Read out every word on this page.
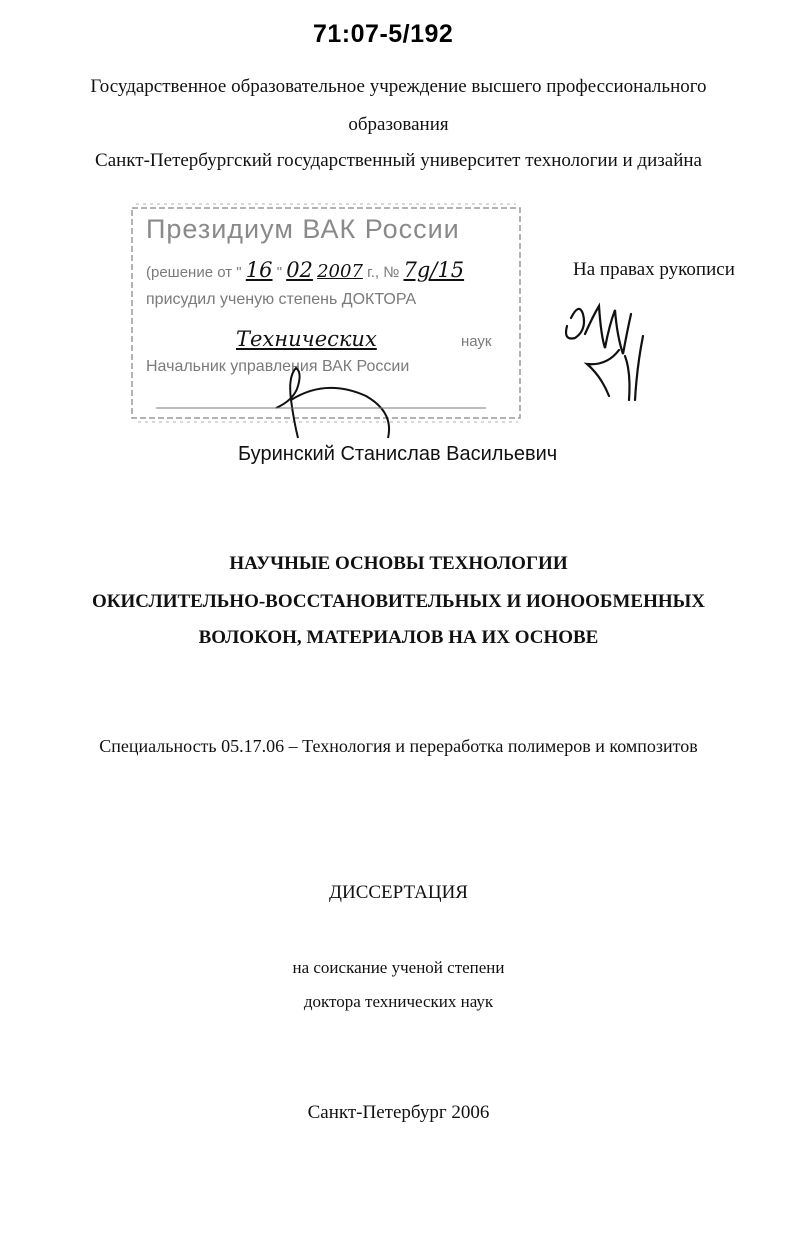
71:07-5/192
Государственное образовательное учреждение высшего профессионального
образования
Санкт-Петербургский государственный университет технологии и дизайна
Президиум ВАК России
(решение от " 16 " 02 2007 г., № 7g/15
присудил ученую степень ДОКТОРА
Технических	наук
Начальник управления ВАК России
На правах рукописи
Буринский Станислав Васильевич
НАУЧНЫЕ ОСНОВЫ ТЕХНОЛОГИИ
ОКИСЛИТЕЛЬНО-ВОССТАНОВИТЕЛЬНЫХ И ИОНООБМЕННЫХ
ВОЛОКОН, МАТЕРИАЛОВ НА ИХ ОСНОВЕ
Специальность 05.17.06 – Технология и переработка полимеров и композитов
ДИССЕРТАЦИЯ
на соискание ученой степени
доктора технических наук
Санкт-Петербург 2006
